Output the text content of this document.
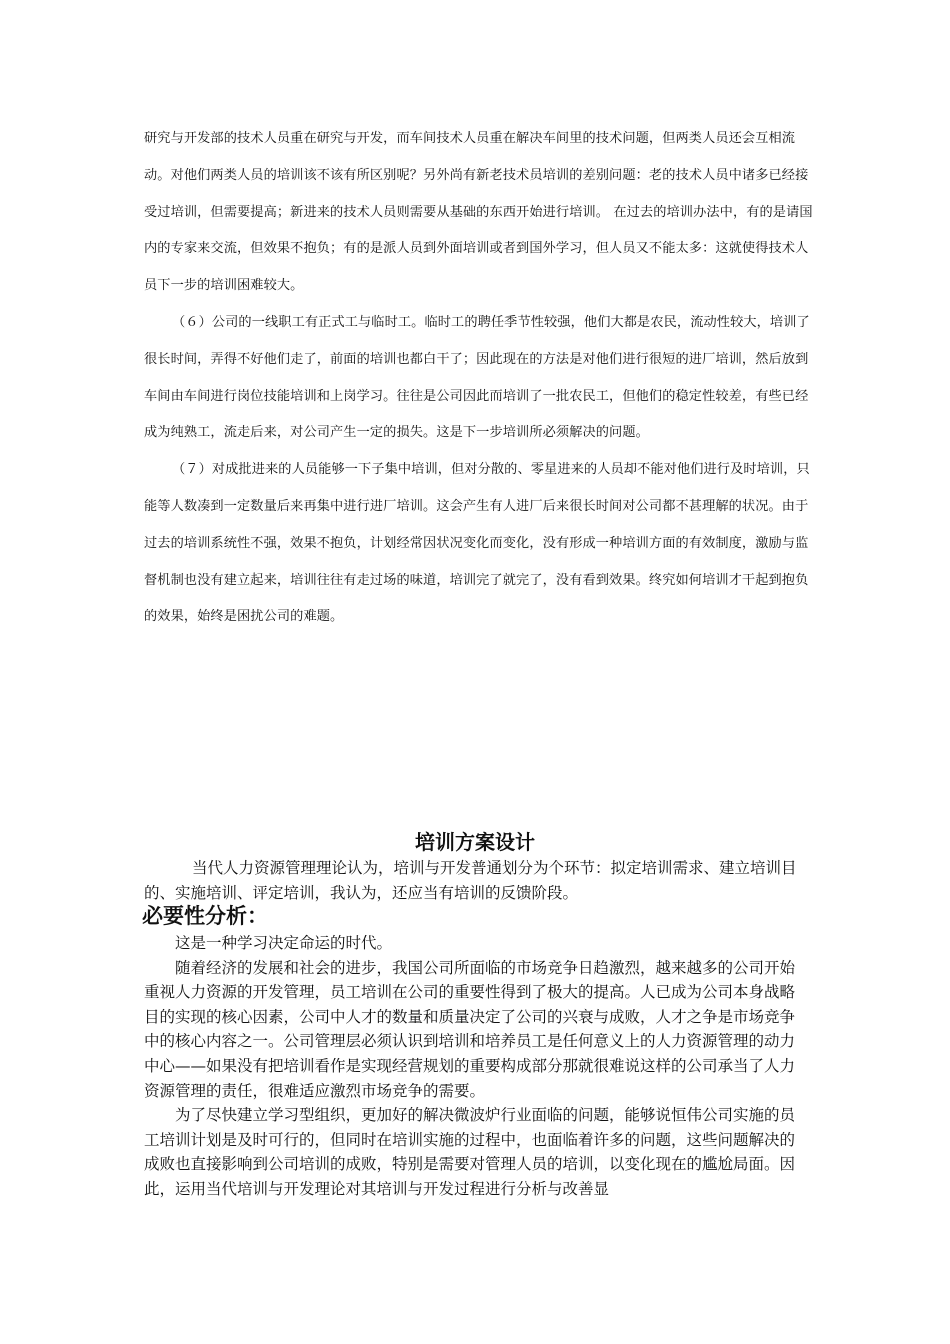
研究与开发部的技术人员重在研究与开发，而车间技术人员重在解决车间里的技术问题，但两类人员还会互相流动。对他们两类人员的培训该不该有所区别呢？另外尚有新老技术员培训的差别问题：老的技术人员中诸多已经接受过培训，但需要提高；新进来的技术人员则需要从基础的东西开始进行培训。 在过去的培训办法中，有的是请国内的专家来交流，但效果不抱负；有的是派人员到外面培训或者到国外学习，但人员又不能太多：这就使得技术人员下一步的培训困难较大。

（６）公司的一线职工有正式工与临时工。临时工的聘任季节性较强，他们大都是农民，流动性较大，培训了很长时间，弄得不好他们走了，前面的培训也都白干了；因此现在的方法是对他们进行很短的进厂培训，然后放到车间由车间进行岗位技能培训和上岗学习。往往是公司因此而培训了一批农民工，但他们的稳定性较差，有些已经成为纯熟工，流走后来，对公司产生一定的损失。这是下一步培训所必须解决的问题。

（７）对成批进来的人员能够一下子集中培训，但对分散的、零星进来的人员却不能对他们进行及时培训，只能等人数凑到一定数量后来再集中进行进厂培训。这会产生有人进厂后来很长时间对公司都不甚理解的状况。由于过去的培训系统性不强，效果不抱负，计划经常因状况变化而变化，没有形成一种培训方面的有效制度，激励与监督机制也没有建立起来，培训往往有走过场的味道，培训完了就完了，没有看到效果。终究如何培训才干起到抱负的效果，始终是困扰公司的难题。

培训方案设计

当代人力资源管理理论认为，培训与开发普通划分为个环节：拟定培训需求、建立培训目的、实施培训、评定培训，我认为，还应当有培训的反馈阶段。

必要性分析：

这是一种学习决定命运的时代。

随着经济的发展和社会的进步，我国公司所面临的市场竞争日趋激烈，越来越多的公司开始重视人力资源的开发管理，员工培训在公司的重要性得到了极大的提高。人已成为公司本身战略目的实现的核心因素，公司中人才的数量和质量决定了公司的兴衰与成败，人才之争是市场竞争中的核心内容之一。公司管理层必须认识到培训和培养员工是任何意义上的人力资源管理的动力中心——如果没有把培训看作是实现经营规划的重要构成部分那就很难说这样的公司承当了人力资源管理的责任，很难适应激烈市场竞争的需要。

为了尽快建立学习型组织，更加好的解决微波炉行业面临的问题，能够说恒伟公司实施的员工培训计划是及时可行的，但同时在培训实施的过程中，也面临着许多的问题，这些问题解决的成败也直接影响到公司培训的成败，特别是需要对管理人员的培训，以变化现在的尴尬局面。因此，运用当代培训与开发理论对其培训与开发过程进行分析与改善显
